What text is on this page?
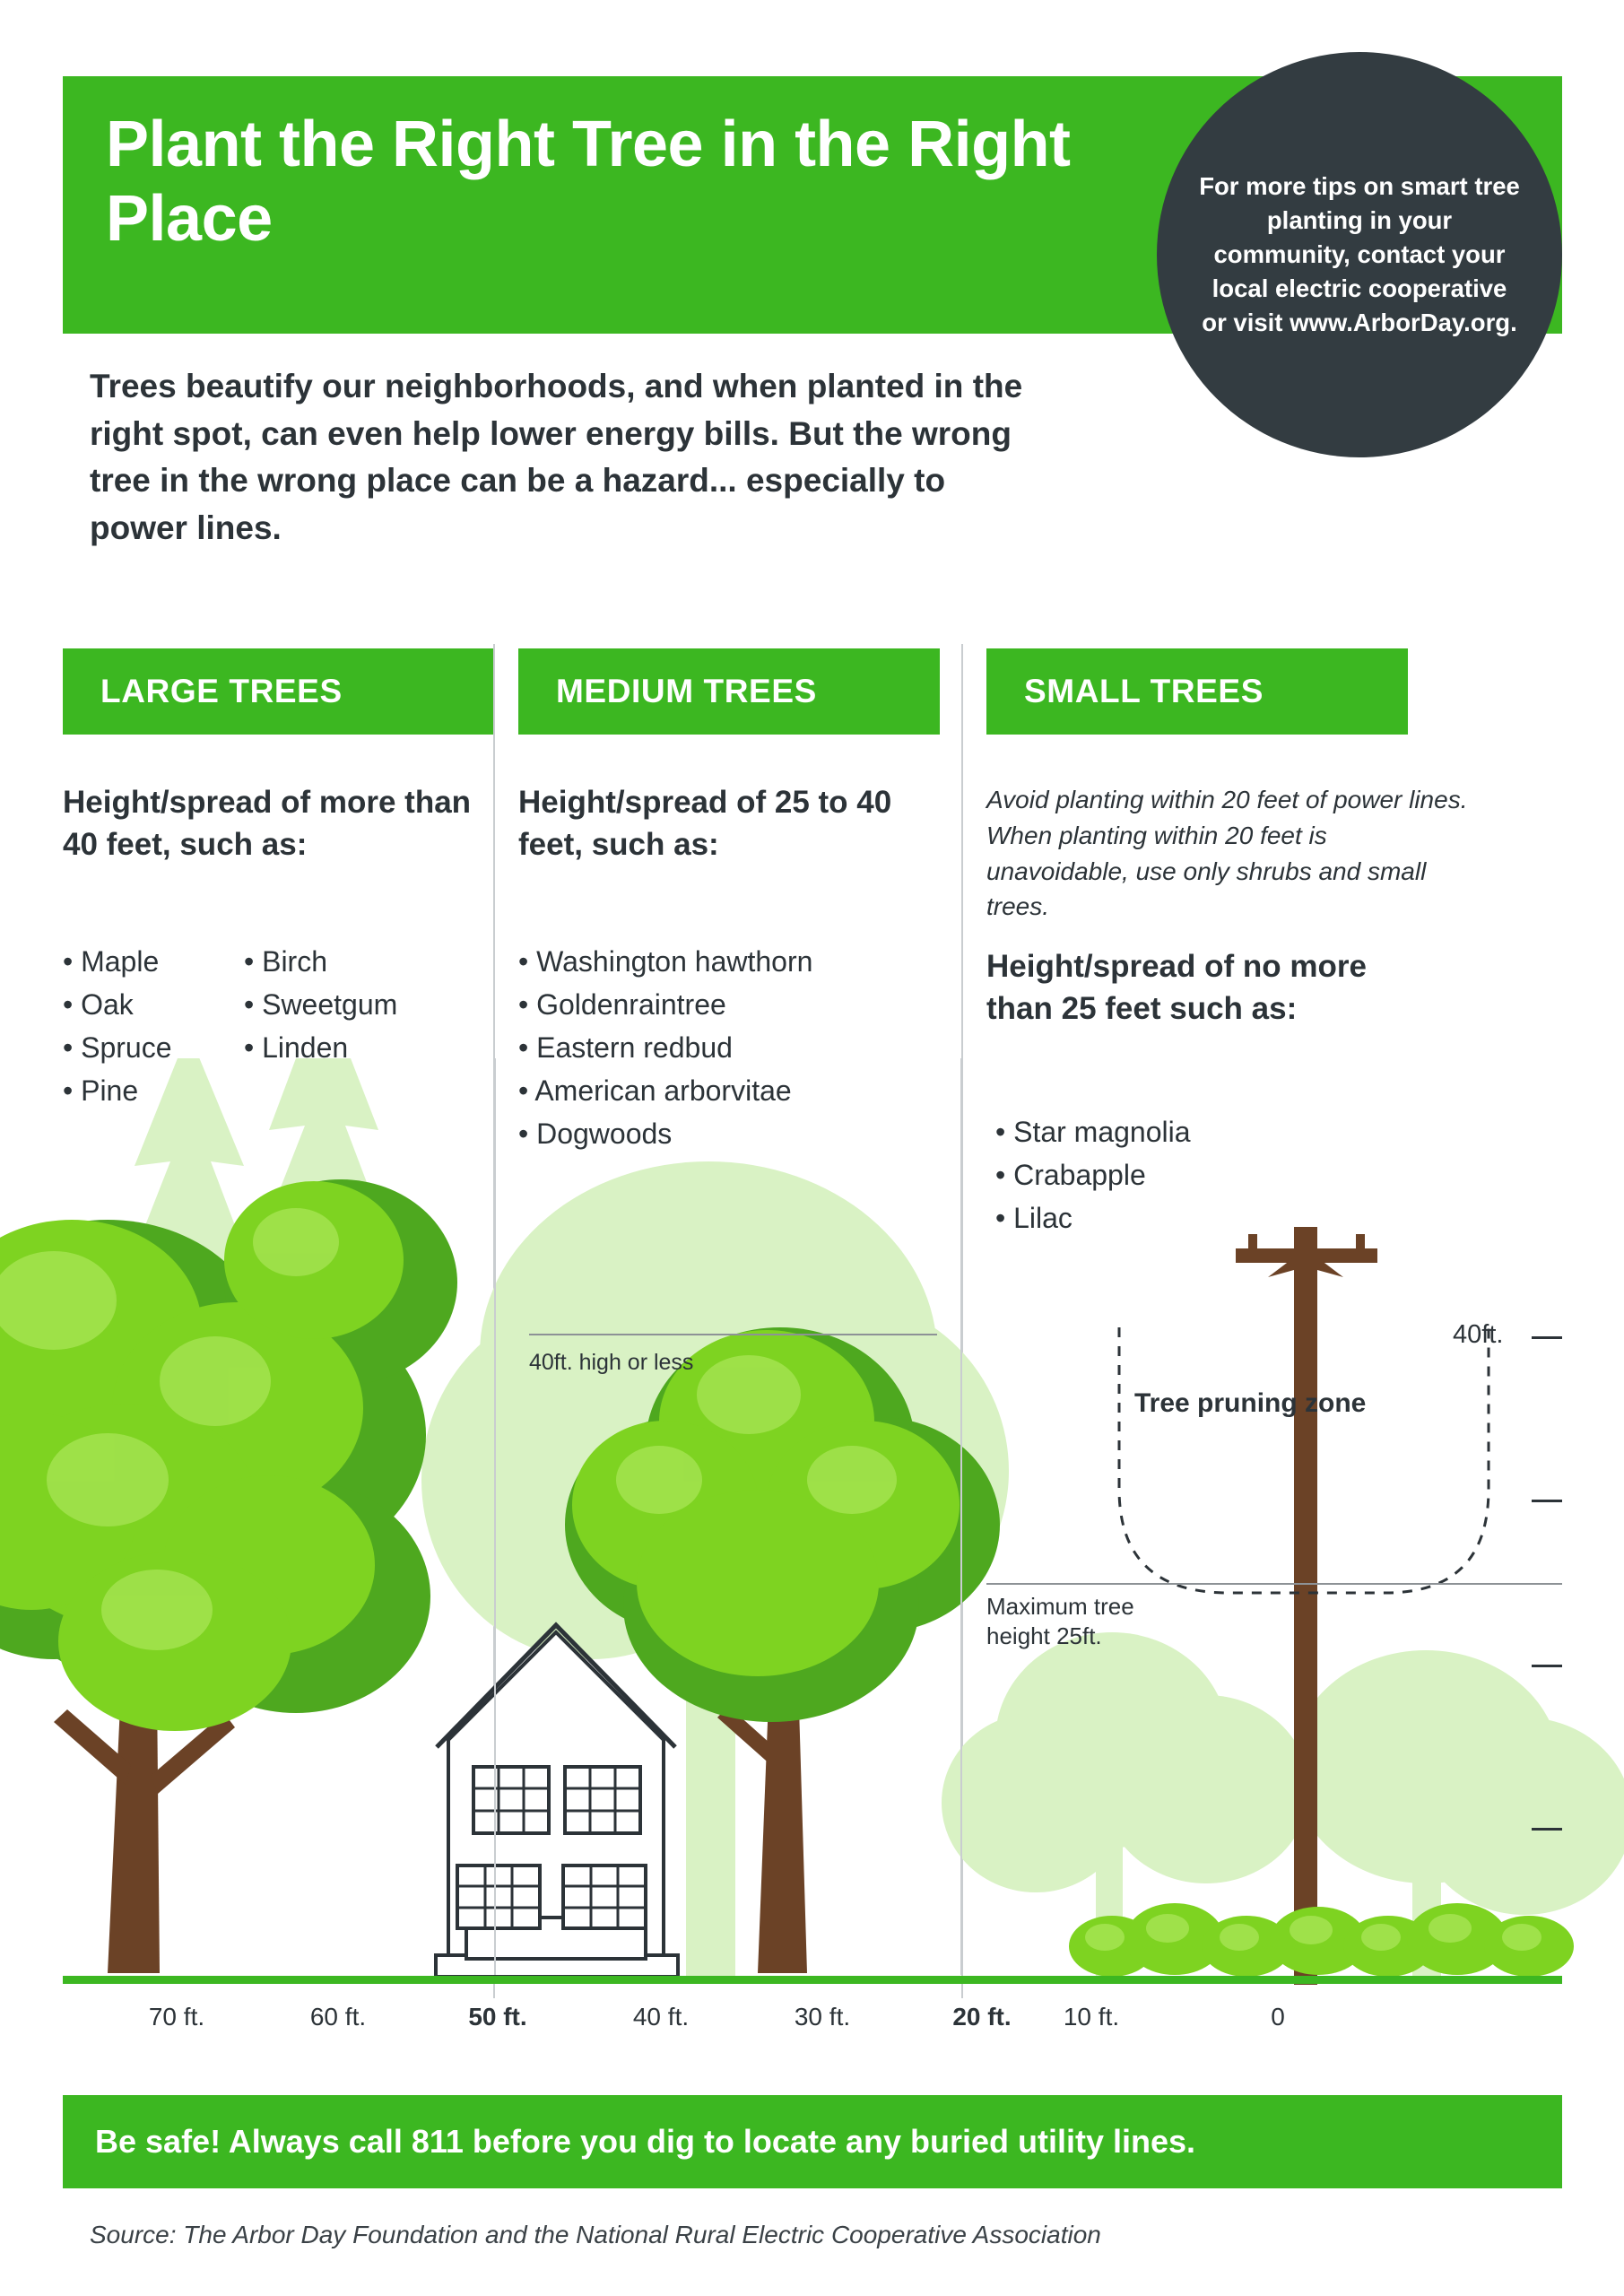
Plant the Right Tree in the Right Place	For more tips on smart tree planting in your community, contact your local electric cooperative or visit www.ArborDay.org.
Trees beautify our neighborhoods, and when planted in the right spot, can even help lower energy bills. But the wrong tree in the wrong place can be a hazard... especially to power lines.
LARGE TREES
Height/spread of more than 40 feet, such as:
• Maple
• Oak
• Spruce
• Pine
• Birch
• Sweetgum
• Linden
MEDIUM TREES
Height/spread of 25 to 40 feet, such as:
• Washington hawthorn
• Goldenraintree
• Eastern redbud
• American arborvitae
• Dogwoods
SMALL TREES
Avoid planting within 20 feet of power lines. When planting within 20 feet is unavoidable, use only shrubs and small trees.
Height/spread of no more than 25 feet such as:
• Star magnolia
• Crabapple
• Lilac
40ft. high or less
40ft.
Tree pruning zone
Maximum tree height 25ft.
70 ft.	60 ft.	50 ft.	40 ft.	30 ft.	20 ft.	10 ft.	0
Be safe! Always call 811 before you dig to locate any buried utility lines.
Source: The Arbor Day Foundation and the National Rural Electric Cooperative Association
